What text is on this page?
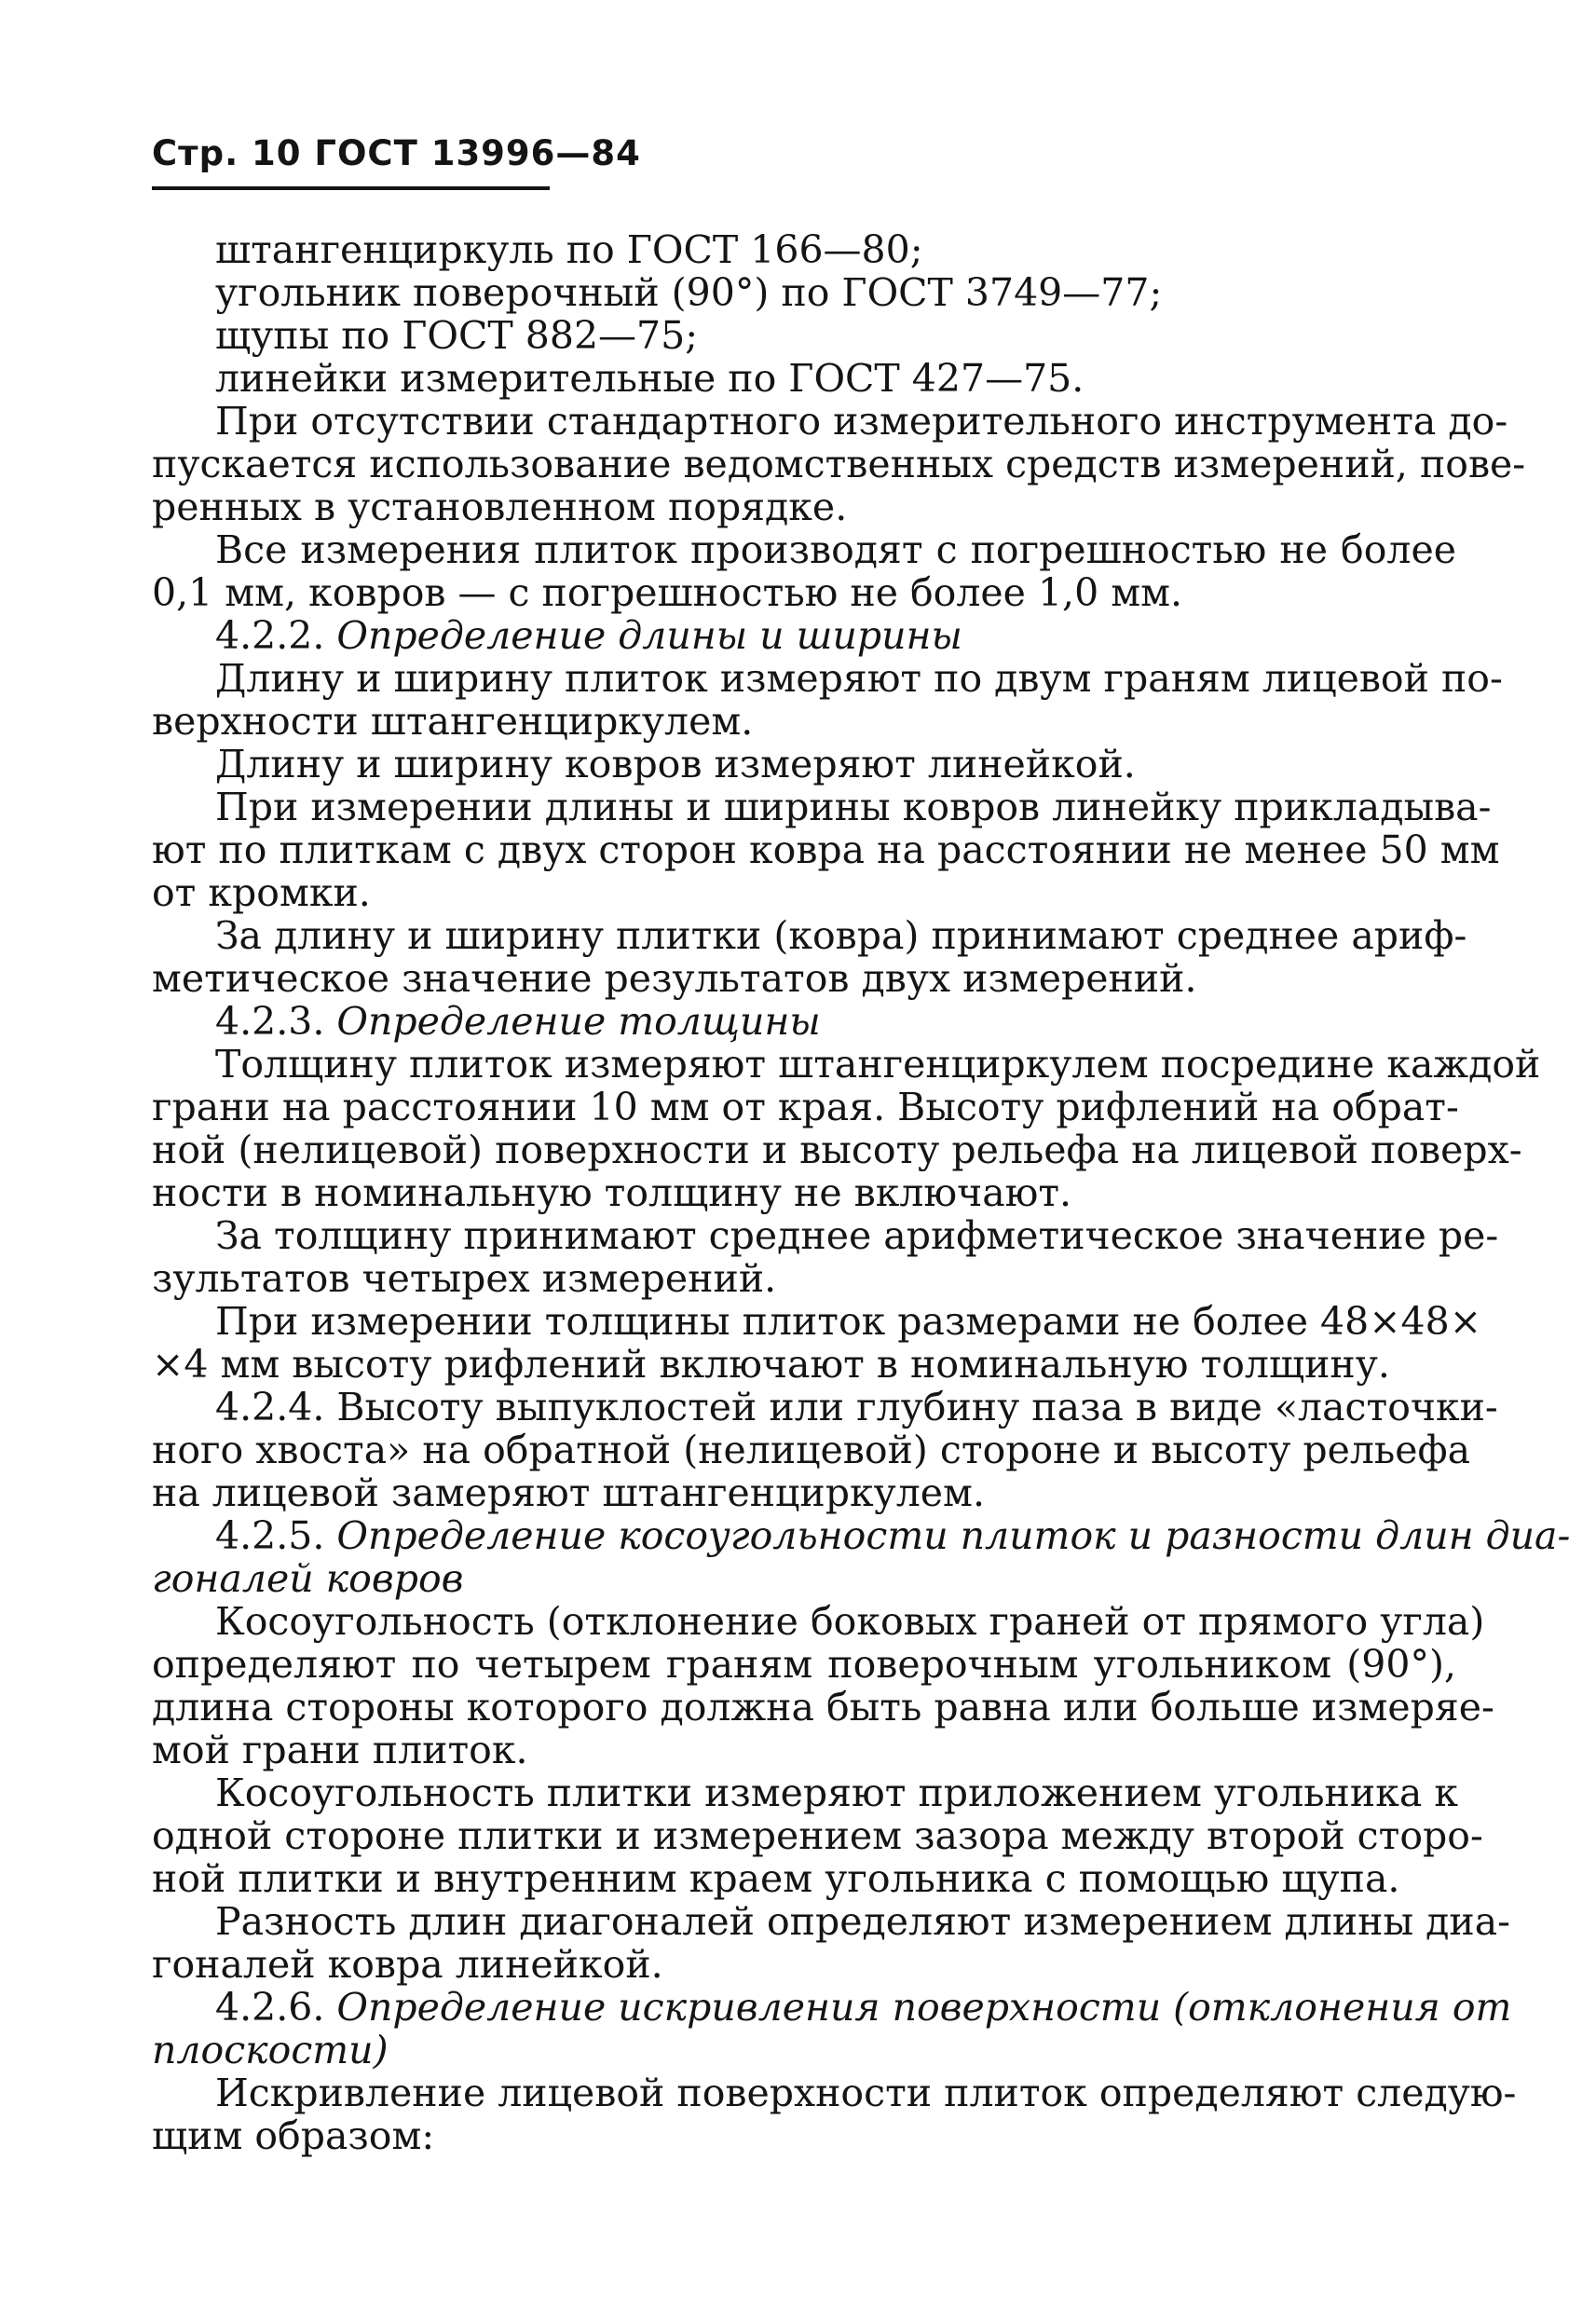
Стр. 10 ГОСТ 13996—84
штангенциркуль по ГОСТ 166—80;
угольник поверочный (90°) по ГОСТ 3749—77;
щупы по ГОСТ 882—75;
линейки измерительные по ГОСТ 427—75.
При отсутствии стандартного измерительного инструмента до-
пускается использование ведомственных средств измерений, пове-
ренных в установленном порядке.
Все измерения плиток производят с погрешностью не более
0,1 мм, ковров — с погрешностью не более 1,0 мм.
4.2.2. Определение длины и ширины
Длину и ширину плиток измеряют по двум граням лицевой по-
верхности штангенциркулем.
Длину и ширину ковров измеряют линейкой.
При измерении длины и ширины ковров линейку прикладыва-
ют по плиткам с двух сторон ковра на расстоянии не менее 50 мм
от кромки.
За длину и ширину плитки (ковра) принимают среднее ариф-
метическое значение результатов двух измерений.
4.2.3. Определение толщины
Толщину плиток измеряют штангенциркулем посредине каждой
грани на расстоянии 10 мм от края. Высоту рифлений на обрат-
ной (нелицевой) поверхности и высоту рельефа на лицевой поверх-
ности в номинальную толщину не включают.
За толщину принимают среднее арифметическое значение ре-
зультатов четырех измерений.
При измерении толщины плиток размерами не более 48×48×
×4 мм высоту рифлений включают в номинальную толщину.
4.2.4. Высоту выпуклостей или глубину паза в виде «ласточки-
ного хвоста» на обратной (нелицевой) стороне и высоту рельефа
на лицевой замеряют штангенциркулем.
4.2.5. Определение косоугольности плиток и разности длин диа-
гоналей ковров
Косоугольность (отклонение боковых граней от прямого угла)
определяют по четырем граням поверочным угольником (90°),
длина стороны которого должна быть равна или больше измеряе-
мой грани плиток.
Косоугольность плитки измеряют приложением угольника к
одной стороне плитки и измерением зазора между второй сторо-
ной плитки и внутренним краем угольника с помощью щупа.
Разность длин диагоналей определяют измерением длины диа-
гоналей ковра линейкой.
4.2.6. Определение искривления поверхности (отклонения от
плоскости)
Искривление лицевой поверхности плиток определяют следую-
щим образом:
